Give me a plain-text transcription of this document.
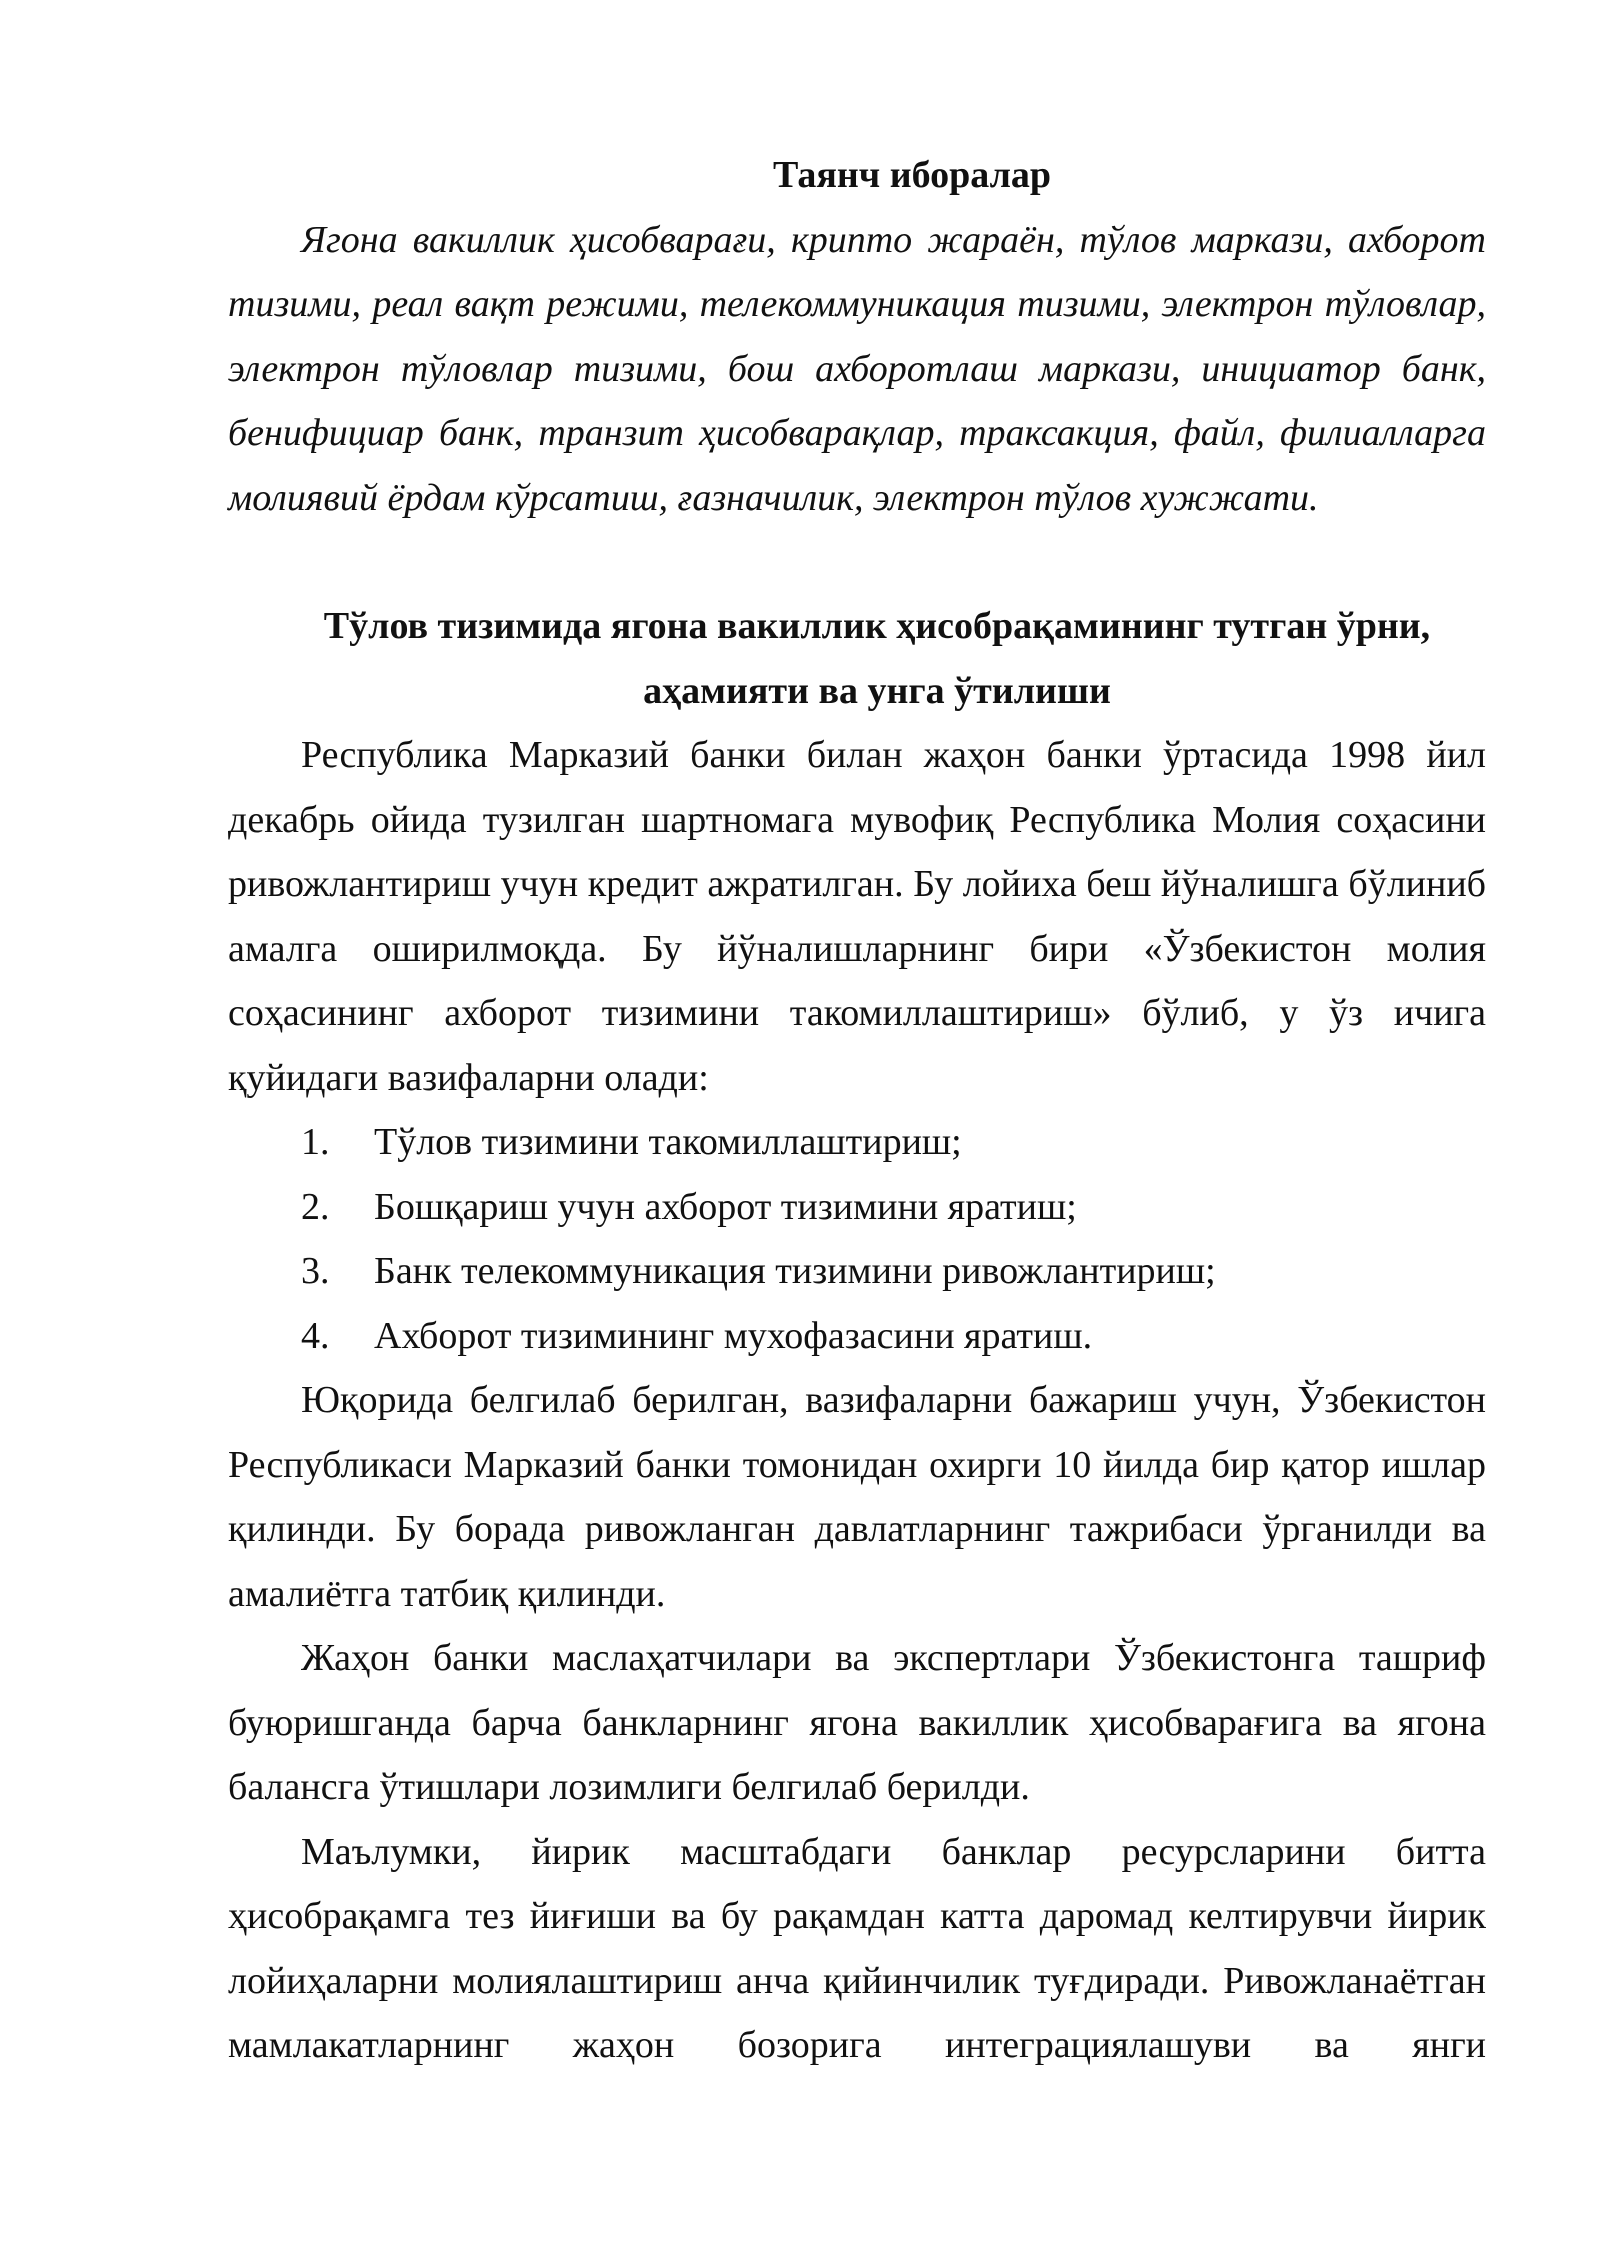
Таянч иборалар

Ягона вакиллик ҳисобварағи, крипто жараён, тўлов маркази, ахборот тизими, реал вақт режими, телекоммуникация тизими, электрон тўловлар, электрон тўловлар тизими, бош ахборотлаш маркази, инициатор банк, бенифициар банк, транзит ҳисобварақлар, траксакция, файл, филиалларга молиявий ёрдам кўрсатиш, ғазначилик, электрон тўлов хужжати.

Тўлов тизимида ягона вакиллик ҳисобрақамининг тутган ўрни,

аҳамияти ва унга ўтилиши

Республика Марказий банки билан жаҳон банки ўртасида 1998 йил декабрь ойида тузилган шартномага мувофиқ Республика Молия соҳасини ривожлантириш учун кредит ажратилган. Бу лойиха беш йўналишга бўлиниб амалга оширилмоқда. Бу йўналишларнинг бири «Ўзбекистон молия соҳасининг ахборот тизимини такомиллаштириш» бўлиб, у ўз ичига қуйидаги вазифаларни олади:

1. Тўлов тизимини такомиллаштириш;
2. Бошқариш учун ахборот тизимини яратиш;
3. Банк телекоммуникация тизимини ривожлантириш;
4. Ахборот тизимининг мухофазасини яратиш.

Юқорида белгилаб берилган, вазифаларни бажариш учун, Ўзбекистон Республикаси Марказий банки томонидан охирги 10 йилда бир қатор ишлар қилинди. Бу борада ривожланган давлатларнинг тажрибаси ўрганилди ва амалиётга татбиқ қилинди.

Жаҳон банки маслаҳатчилари ва экспертлари Ўзбекистонга ташриф буюришганда барча банкларнинг ягона вакиллик ҳисобварағига ва ягона балансга ўтишлари лозимлиги белгилаб берилди.

Маълумки, йирик масштабдаги банклар ресурсларини битта ҳисобрақамга тез йиғиши ва бу рақамдан катта даромад келтирувчи йирик лойиҳаларни молиялаштириш анча қийинчилик туғдиради. Ривожланаётган мамлакатларнинг жаҳон бозорига интеграциялашуви ва янги
